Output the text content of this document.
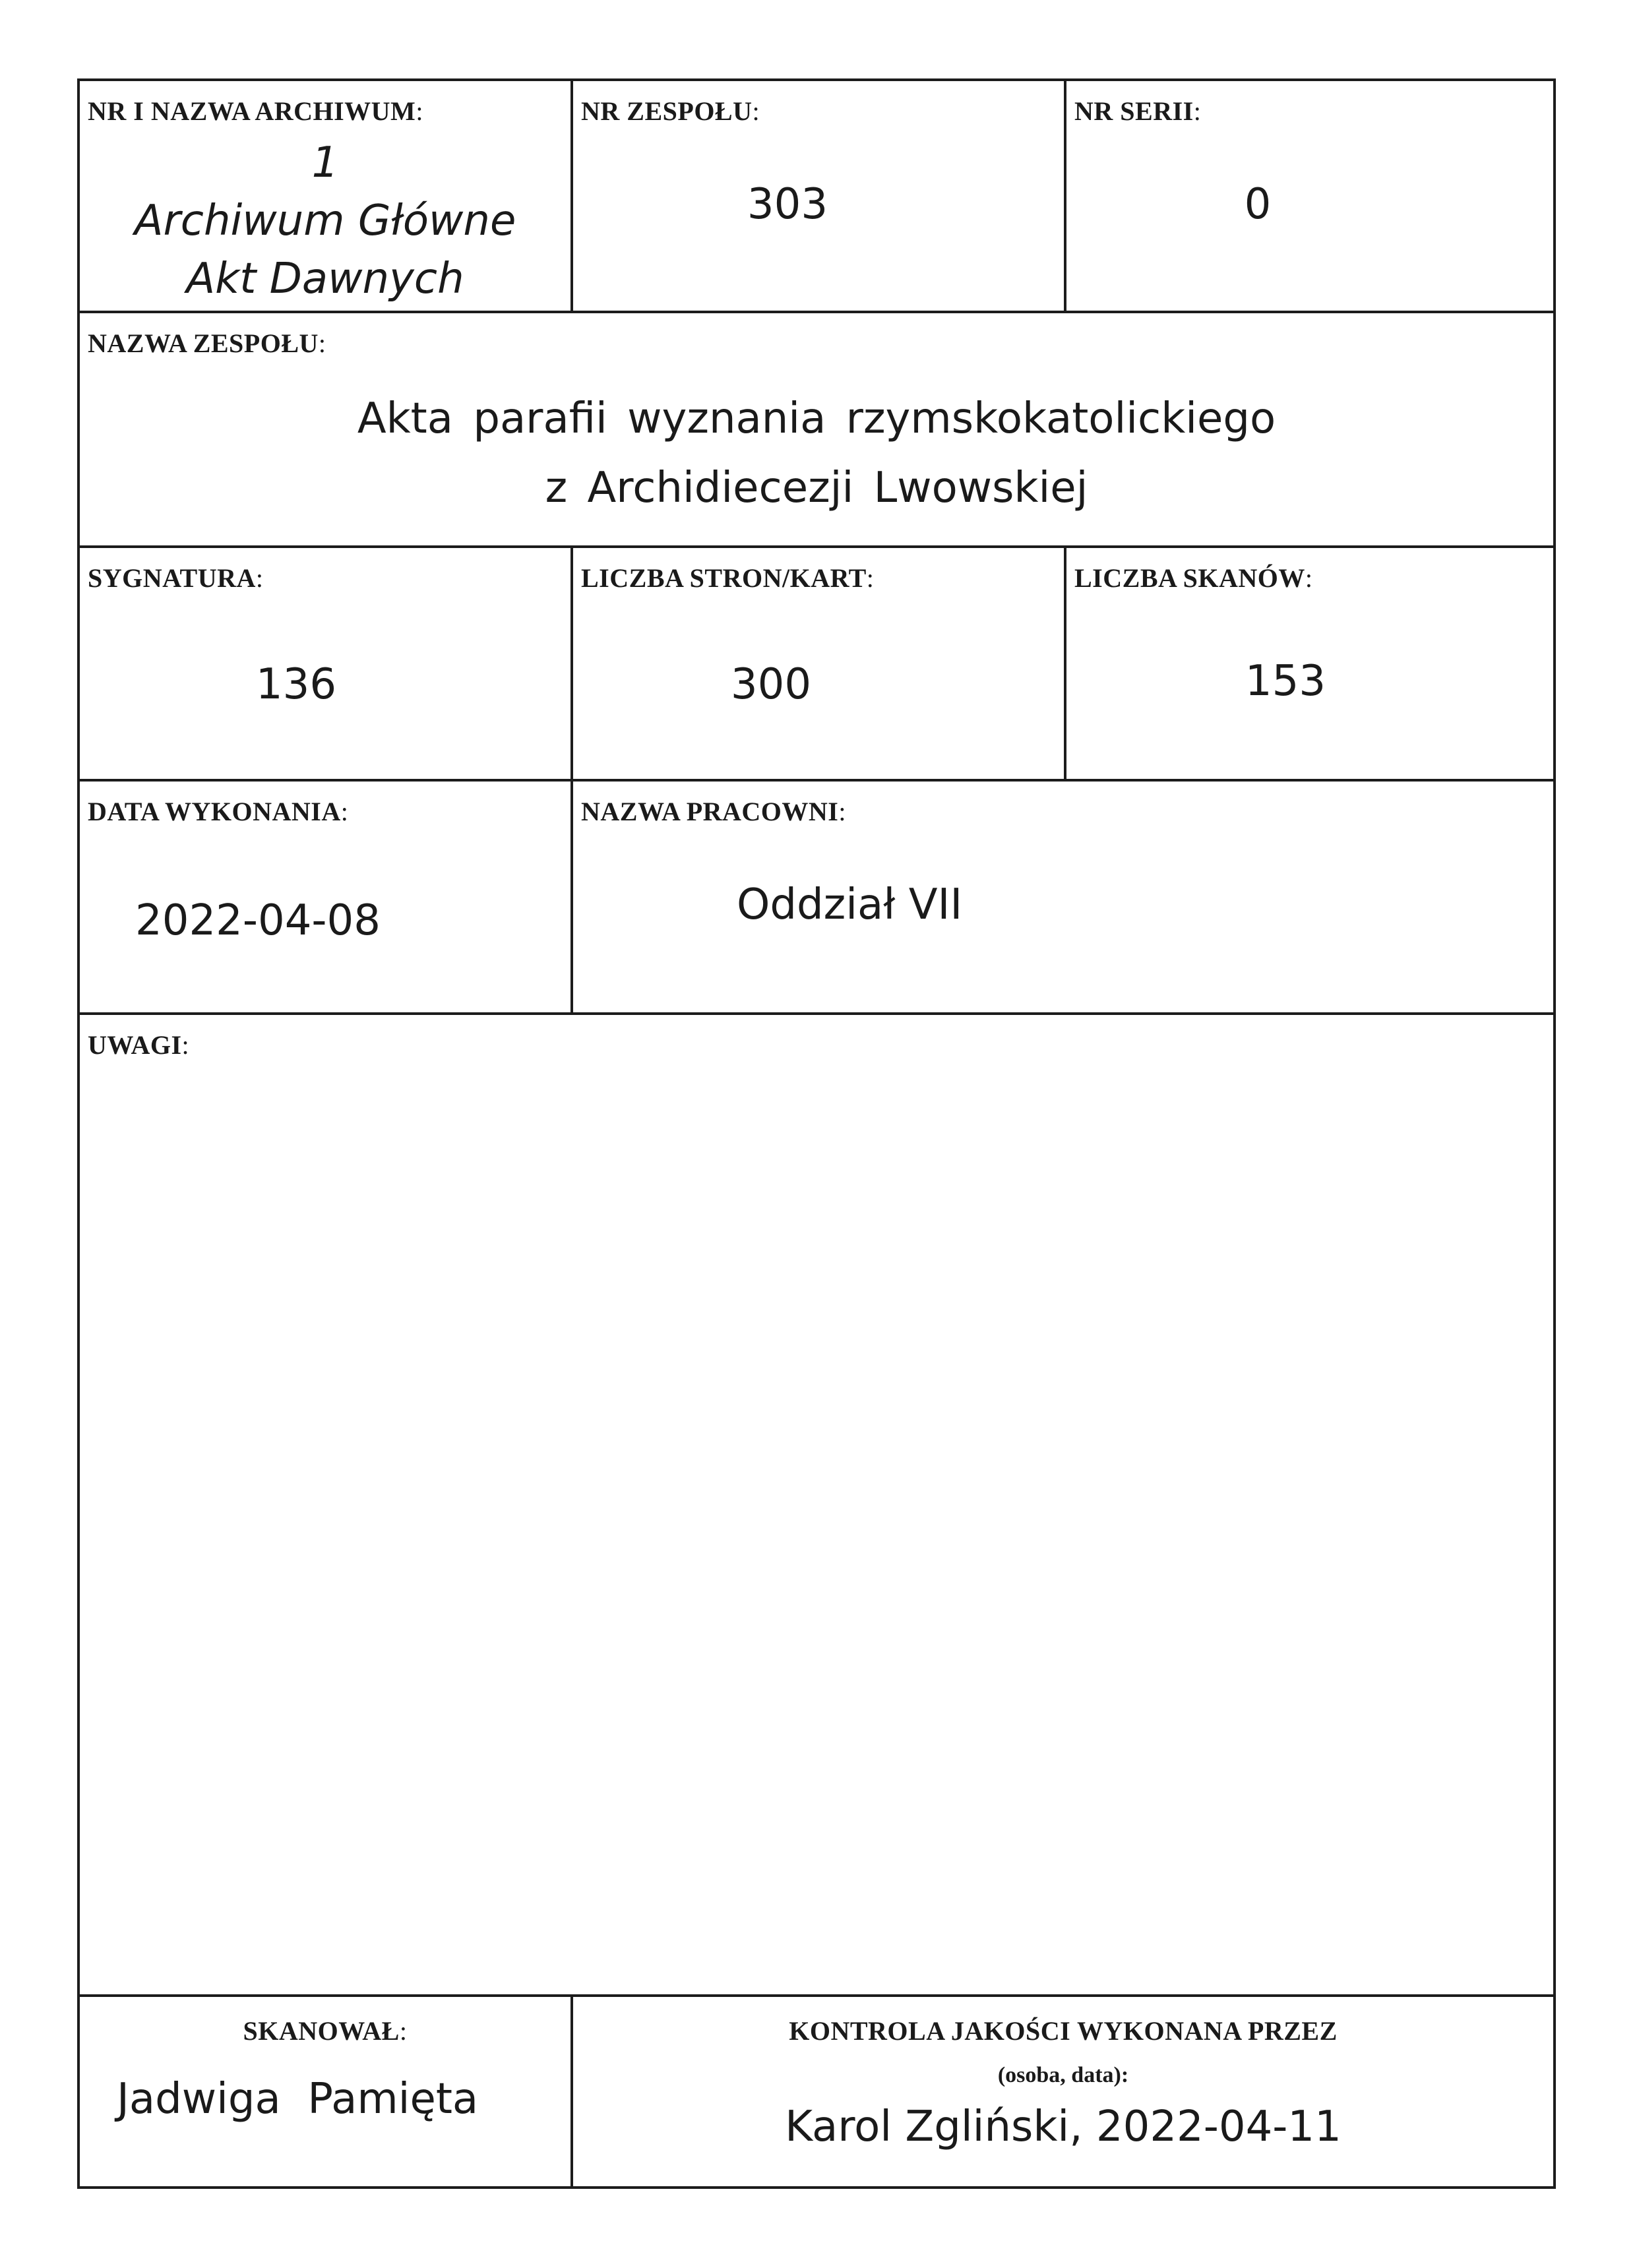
NR I NAZWA ARCHIWUM:
1
Archiwum Główne
Akt Dawnych
NR ZESPOŁU:
303
NR SERII:
0
NAZWA ZESPOŁU:
Akta parafii wyznania rzymskokatolickiego
z Archidiecezji Lwowskiej
SYGNATURA:
136
LICZBA STRON/KART:
300
LICZBA SKANÓW:
153
DATA WYKONANIA:
2022-04-08
NAZWA PRACOWNI:
Oddział VII
UWAGI:
SKANOWAŁ:
Jadwiga  Pamięta
KONTROLA JAKOŚCI WYKONANA PRZEZ
(osoba, data):
Karol Zgliński, 2022-04-11
